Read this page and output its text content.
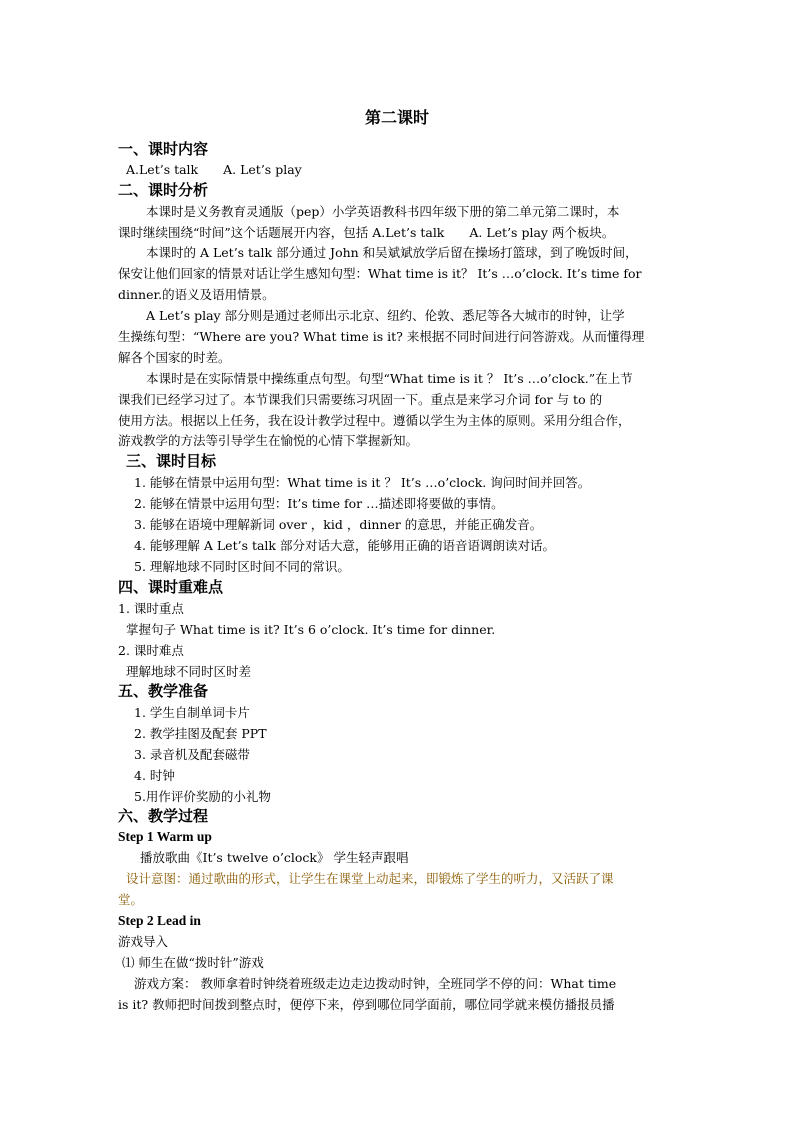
第二课时
一、课时内容
A.Let’s talk　　A. Let’s play
二、课时分析
本课时是义务教育灵通版（pep）小学英语教科书四年级下册的第二单元第二课时，本
课时继续围绕“时间”这个话题展开内容，包括 A.Let’s talk　　A. Let’s play 两个板块。
本课时的 A Let’s talk 部分通过 John 和吴斌斌放学后留在操场打篮球，到了晚饭时间，
保安让他们回家的情景对话让学生感知句型：What time is it？ It’s …o’clock. It’s time for
dinner.的语义及语用情景。
A Let’s play 部分则是通过老师出示北京、纽约、伦敦、悉尼等各大城市的时钟，让学
生操练句型：“Where are you? What time is it? 来根据不同时间进行问答游戏。从而懂得理
解各个国家的时差。
本课时是在实际情景中操练重点句型。句型“What time is it ？ It’s …o’clock.”在上节
课我们已经学习过了。本节课我们只需要练习巩固一下。重点是来学习介词 for 与 to 的
使用方法。根据以上任务，我在设计教学过程中。遵循以学生为主体的原则。采用分组合作，
游戏教学的方法等引导学生在愉悦的心情下掌握新知。
三、课时目标
1. 能够在情景中运用句型：What time is it ？ It’s …o’clock. 询问时间并回答。
2. 能够在情景中运用句型：It’s time for …描述即将要做的事情。
3. 能够在语境中理解新词 over ，kid ，dinner 的意思，并能正确发音。
4. 能够理解 A Let’s talk 部分对话大意，能够用正确的语音语调朗读对话。
5. 理解地球不同时区时间不同的常识。
四、课时重难点
1. 课时重点
掌握句子 What time is it? It’s 6 o’clock. It’s time for dinner.
2. 课时难点
理解地球不同时区时差
五、教学准备
1. 学生自制单词卡片
2. 教学挂图及配套 PPT
3. 录音机及配套磁带
4. 时钟
5.用作评价奖励的小礼物
六、教学过程
Step 1 Warm up
播放歌曲《It’s twelve o’clock》 学生轻声跟唱
设计意图：通过歌曲的形式，让学生在课堂上动起来，即锻炼了学生的听力，又活跃了课
堂。
Step 2 Lead in
游戏导入
⑴ 师生在做“拨时针”游戏
游戏方案： 教师拿着时钟绕着班级走边走边拨动时钟，全班同学不停的问：What time
is it? 教师把时间拨到整点时，便停下来，停到哪位同学面前，哪位同学就来模仿播报员播
